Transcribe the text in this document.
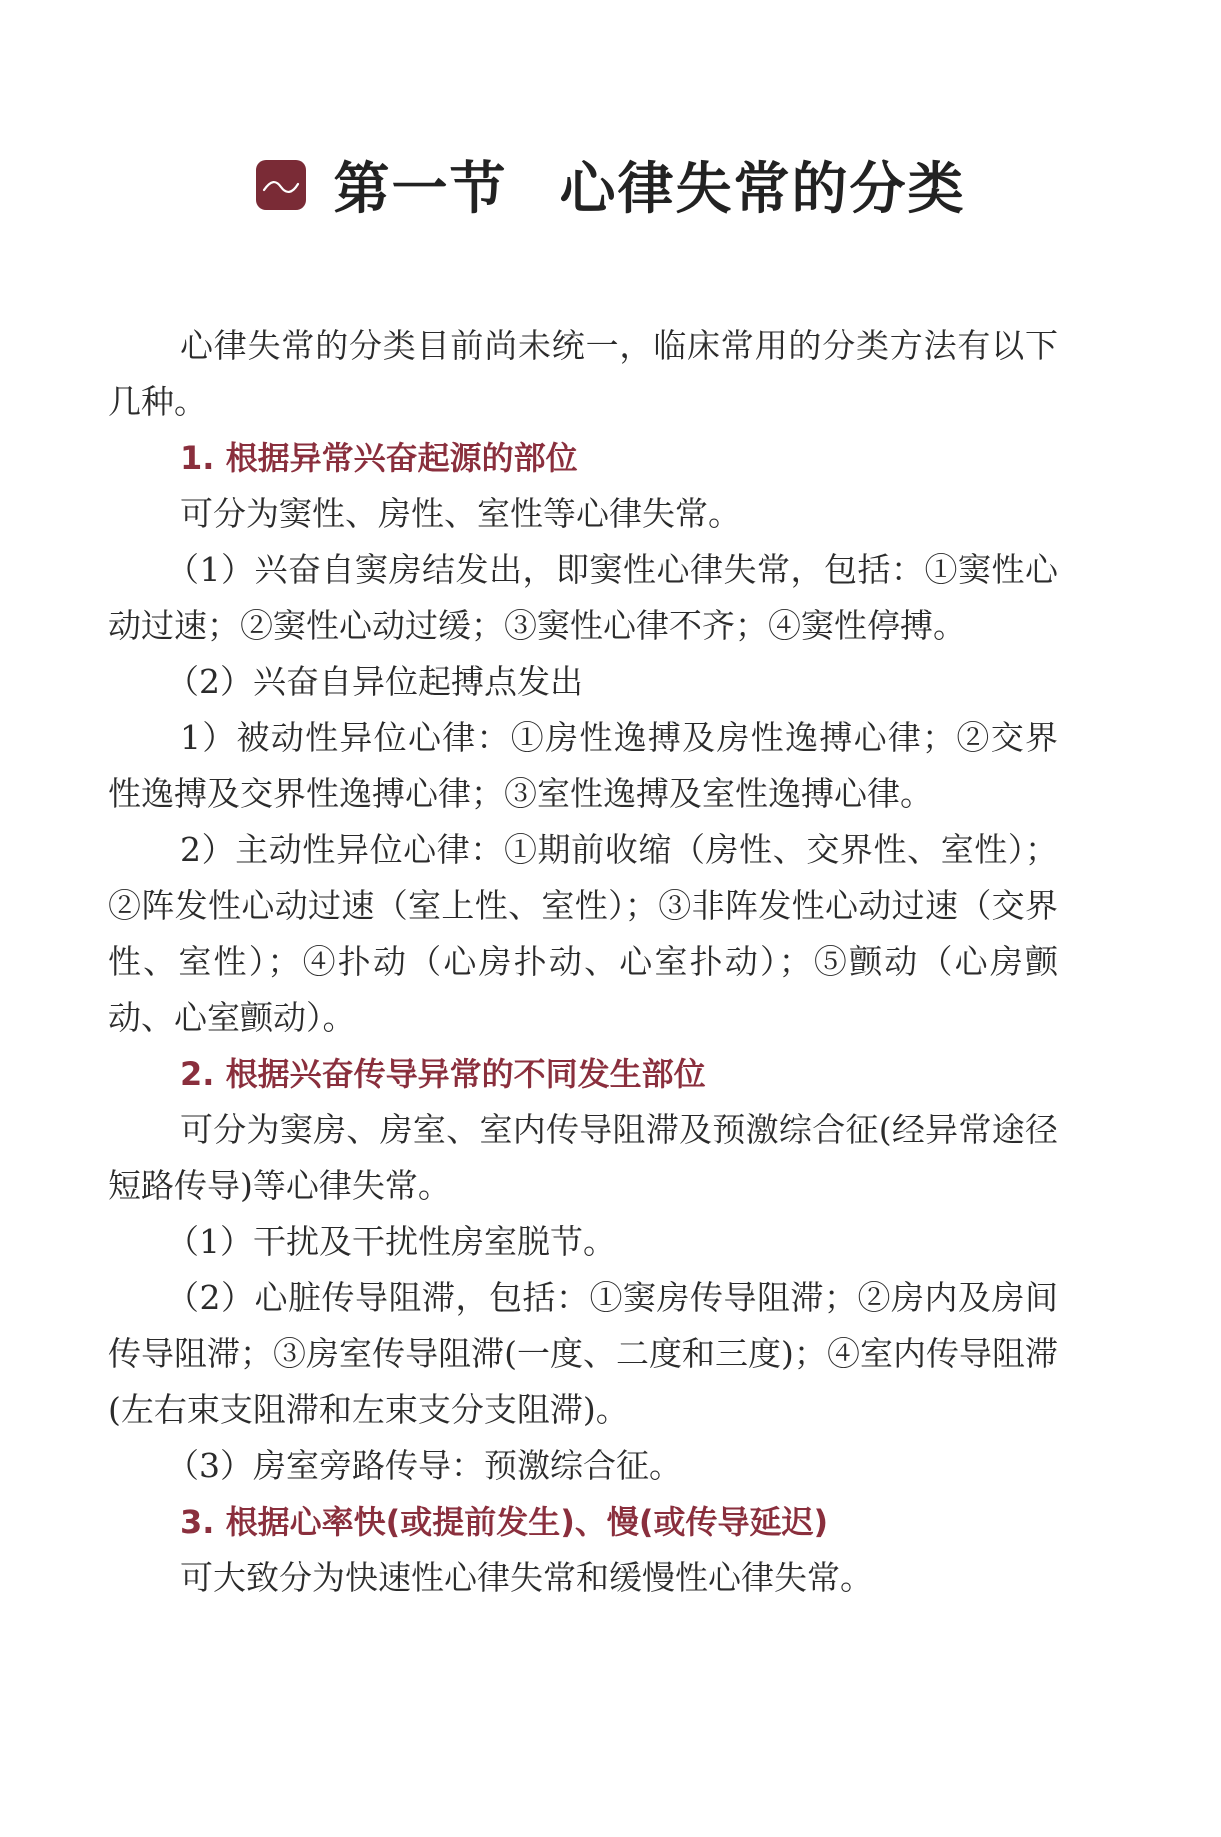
第一节 心律失常的分类

心律失常的分类目前尚未统一，临床常用的分类方法有以下几种。

1. 根据异常兴奋起源的部位

可分为窦性、房性、室性等心律失常。

（1）兴奋自窦房结发出，即窦性心律失常，包括：①窦性心动过速；②窦性心动过缓；③窦性心律不齐；④窦性停搏。

（2）兴奋自异位起搏点发出

1）被动性异位心律：①房性逸搏及房性逸搏心律；②交界性逸搏及交界性逸搏心律；③室性逸搏及室性逸搏心律。

2）主动性异位心律：①期前收缩（房性、交界性、室性）；②阵发性心动过速（室上性、室性）；③非阵发性心动过速（交界性、室性）；④扑动（心房扑动、心室扑动）；⑤颤动（心房颤动、心室颤动）。

2. 根据兴奋传导异常的不同发生部位

可分为窦房、房室、室内传导阻滞及预激综合征(经异常途径短路传导)等心律失常。

（1）干扰及干扰性房室脱节。

（2）心脏传导阻滞，包括：①窦房传导阻滞；②房内及房间传导阻滞；③房室传导阻滞(一度、二度和三度)；④室内传导阻滞(左右束支阻滞和左束支分支阻滞)。

（3）房室旁路传导：预激综合征。

3. 根据心率快(或提前发生)、慢(或传导延迟)

可大致分为快速性心律失常和缓慢性心律失常。
